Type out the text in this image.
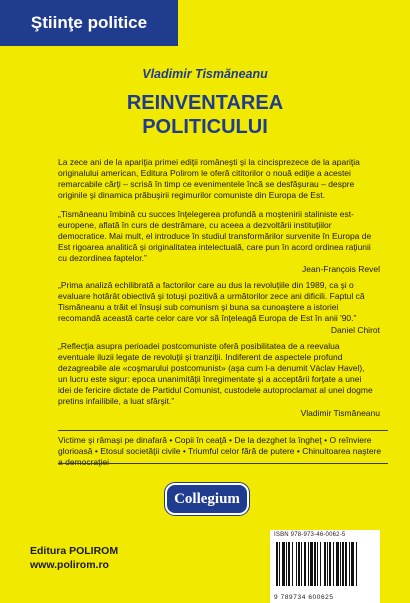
Ştiinţe politice
Vladimir Tismăneanu
REINVENTAREA
POLITICULUI
La zece ani de la apariţia primei ediţii româneşti şi la cincisprezece de la apariţia originalului american, Editura Polirom le oferă cititorilor o nouă ediţie a acestei remarcabile cărţi – scrisă în timp ce evenimentele încă se desfăşurau – despre originile şi dinamica prăbuşirii regimurilor comuniste din Europa de Est.
„Tismăneanu îmbină cu succes înţelegerea profundă a moştenirii staliniste est-europene, aflată în curs de destrămare, cu aceea a dezvoltării instituţiilor democratice. Mai mult, el introduce în studiul transformărilor survenite în Europa de Est rigoarea analitică şi originalitatea intelectuală, care pun în acord ordinea raţiunii cu dezordinea faptelor.”
Jean-François Revel
„Prima analiză echilibrată a factorilor care au dus la revoluţiile din 1989, ca şi o evaluare hotărât obiectivă şi totuşi pozitivă a următorilor zece ani dificili. Faptul că Tismăneanu a trăit el însuşi sub comunism şi buna sa cunoaştere a istoriei recomandă această carte celor care vor să înţeleagă Europa de Est în anii '90.”
Daniel Chirot
„Reflecţia asupra perioadei postcomuniste oferă posibilitatea de a reevalua eventuale iluzii legate de revoluţii şi tranziţii. Indiferent de aspectele profund dezagreabile ale «coşmarului postcomunist» (aşa cum l-a denumit Václav Havel), un lucru este sigur: epoca unanimităţii înregimentate şi a acceptării forţate a unei idei de fericire dictate de Partidul Comunist, custodele autoproclamat al unei dogme pretins infailibile, a luat sfârşit.”
Vladimir Tismăneanu
Victime şi râmaşi pe dinafară • Copii în ceaţă • De la dezghet la îngheţ • O reînviere glorioasă • Etosul societăţii civile • Triumful celor fără de putere • Chinuitoarea naştere a democraţiei
Collegium
Editura POLIROM
www.polirom.ro
ISBN 978-973-46-0062-5
9 789734 600625
